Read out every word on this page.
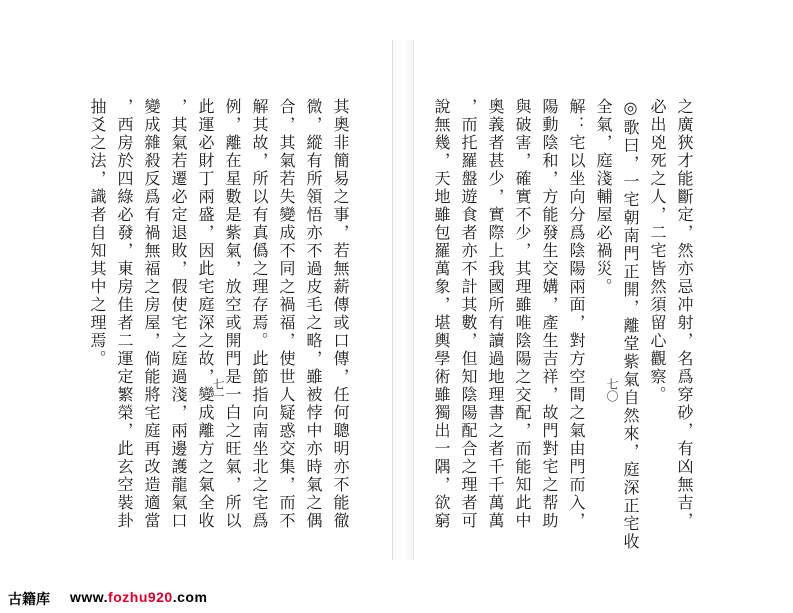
抽爻之法，識者自知其中之理焉。 ，西房於四綠必發，東房佳者二運定繁榮，此玄空裝卦 變成雜殺反爲有禍無福之房屋，倘能將宅庭再改造適當 ，其氣若遷必定退敗，假使宅之庭過淺，兩邊護龍氣口 此運必財丁兩盛，因此宅庭深之故，變成離方之氣全收 例，離在星數是紫氣，放空或開門是一白之旺氣，所以 解其故，所以有真僞之理存焉。此節指向南坐北之宅爲 合，其氣若失變成不同之禍福，使世人疑惑交集，而不 微，縱有所領悟亦不過皮毛之略，雖被悖中亦時氣之偶 其奧非簡易之事，若無薪傳或口傳，任何聰明亦不能徹
七一	說無幾，天地雖包羅萬象，堪輿學術雖獨出一隅，欲窮 ，而托羅盤遊食者亦不計其數，但知陰陽配合之理者可 奧義者甚少，實際上我國所有讀過地理書之者千千萬萬 與破害，確實不少，其理雖唯陰陽之交配，而能知此中 陽動陰和，方能發生交媾，產生吉祥，故門對宅之帮助 解：宅以坐向分爲陰陽兩面，對方空間之氣由門而入， 全氣，庭淺輔屋必禍災。 ◎歌曰，一宅朝南門正開，離堂紫氣自然來，庭深正宅收 必出兇死之人，二宅皆然須留心觀察。 之廣狹才能斷定，然亦忌冲射，名爲穿砂，有凶無吉，
七〇
古籍库 www.fozhu920.com
